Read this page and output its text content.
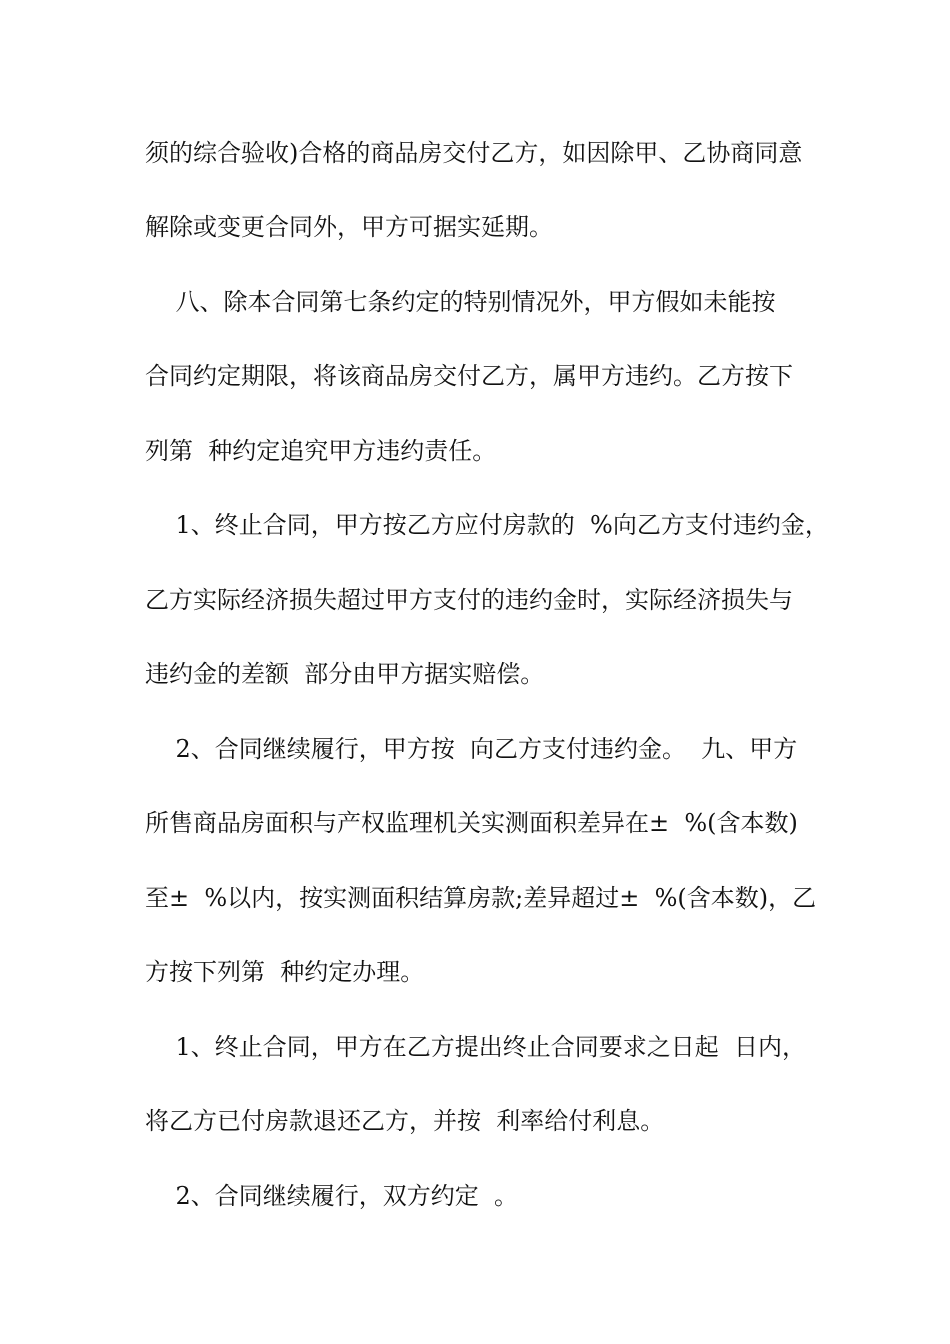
须的综合验收)合格的商品房交付乙方，如因除甲、乙协商同意
解除或变更合同外，甲方可据实延期。
八、除本合同第七条约定的特别情况外，甲方假如未能按
合同约定期限，将该商品房交付乙方，属甲方违约。乙方按下
列第  种约定追究甲方违约责任。
1、终止合同，甲方按乙方应付房款的  %向乙方支付违约金，
乙方实际经济损失超过甲方支付的违约金时，实际经济损失与
违约金的差额  部分由甲方据实赔偿。
2、合同继续履行，甲方按  向乙方支付违约金。  九、甲方
所售商品房面积与产权监理机关实测面积差异在±  %(含本数)
至±  %以内，按实测面积结算房款;差异超过±  %(含本数)，乙
方按下列第  种约定办理。
1、终止合同，甲方在乙方提出终止合同要求之日起  日内，
将乙方已付房款退还乙方，并按  利率给付利息。
2、合同继续履行，双方约定  。
